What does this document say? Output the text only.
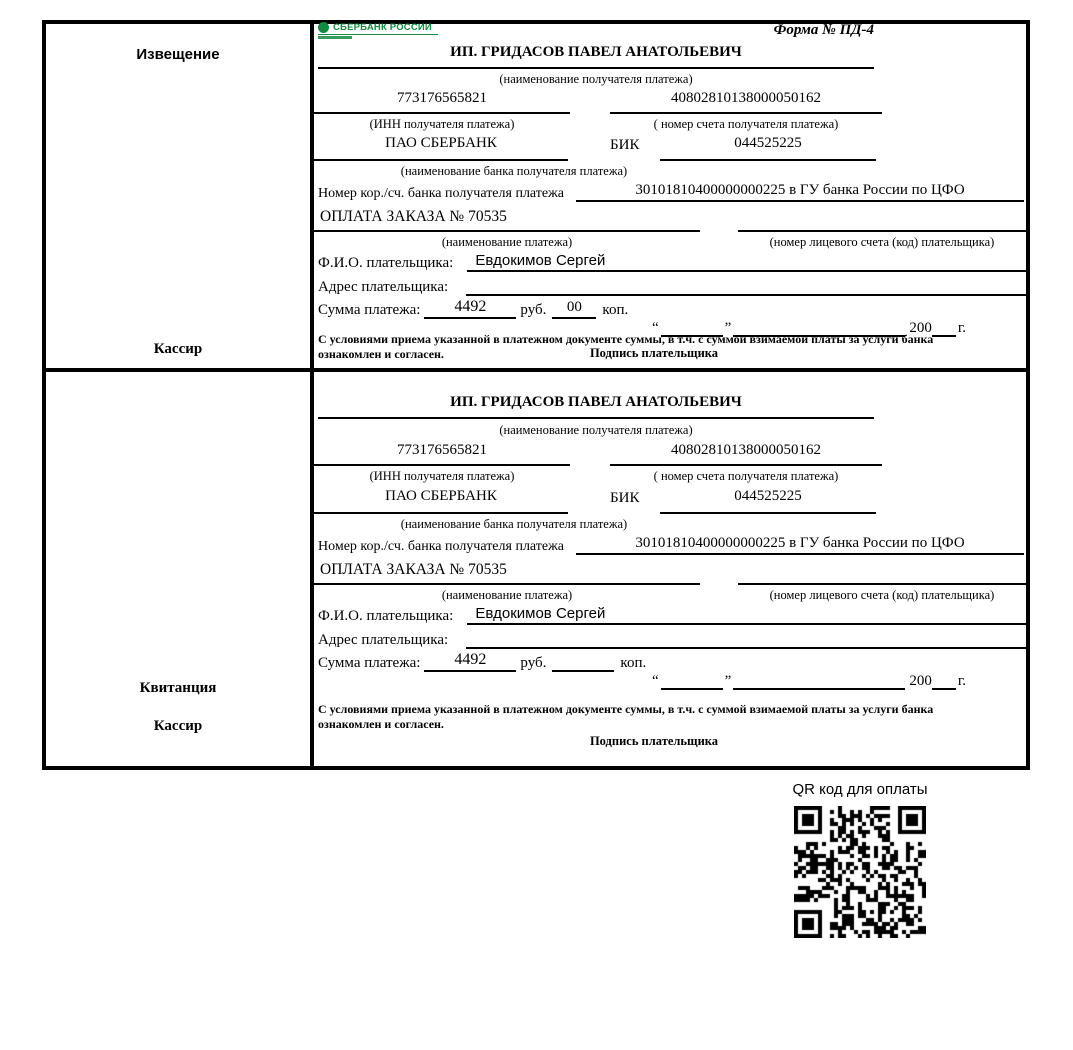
Извещение
Кассир
СБЕРБАНК РОССИИ	Форма № ПД-4
ИП. ГРИДАСОВ ПАВЕЛ АНАТОЛЬЕВИЧ
(наименование получателя платежа)
773176565821	40802810138000050162
(ИНН получателя платежа)	( номер счета получателя платежа)
ПАО СБЕРБАНК	БИК	044525225
(наименование банка получателя платежа)
Номер кор./сч. банка получателя платежа	30101810400000000225 в ГУ банка России по ЦФО
ОПЛАТА ЗАКАЗА № 70535
(наименование платежа)	(номер лицевого счета (код) плательщика)
Ф.И.О. плательщика:	Евдокимов Сергей
Адрес плательщика:
Сумма платежа:	4492	руб.	00	коп.
“	”	200 г.
С условиями приема указанной в платежном документе суммы, в т.ч. с суммой взимаемой платы за услуги банка ознакомлен и согласен.	Подпись плательщика
Квитанция
Кассир
ИП. ГРИДАСОВ ПАВЕЛ АНАТОЛЬЕВИЧ
(наименование получателя платежа)
773176565821	40802810138000050162
(ИНН получателя платежа)	( номер счета получателя платежа)
ПАО СБЕРБАНК	БИК	044525225
(наименование банка получателя платежа)
Номер кор./сч. банка получателя платежа	30101810400000000225 в ГУ банка России по ЦФО
ОПЛАТА ЗАКАЗА № 70535
(наименование платежа)	(номер лицевого счета (код) плательщика)
Ф.И.О. плательщика:	Евдокимов Сергей
Адрес плательщика:
Сумма платежа:	4492	руб.	коп.
“	”	200 г.
С условиями приема указанной в платежном документе суммы, в т.ч. с суммой взимаемой платы за услуги банка ознакомлен и согласен.
Подпись плательщика
QR код для оплаты
